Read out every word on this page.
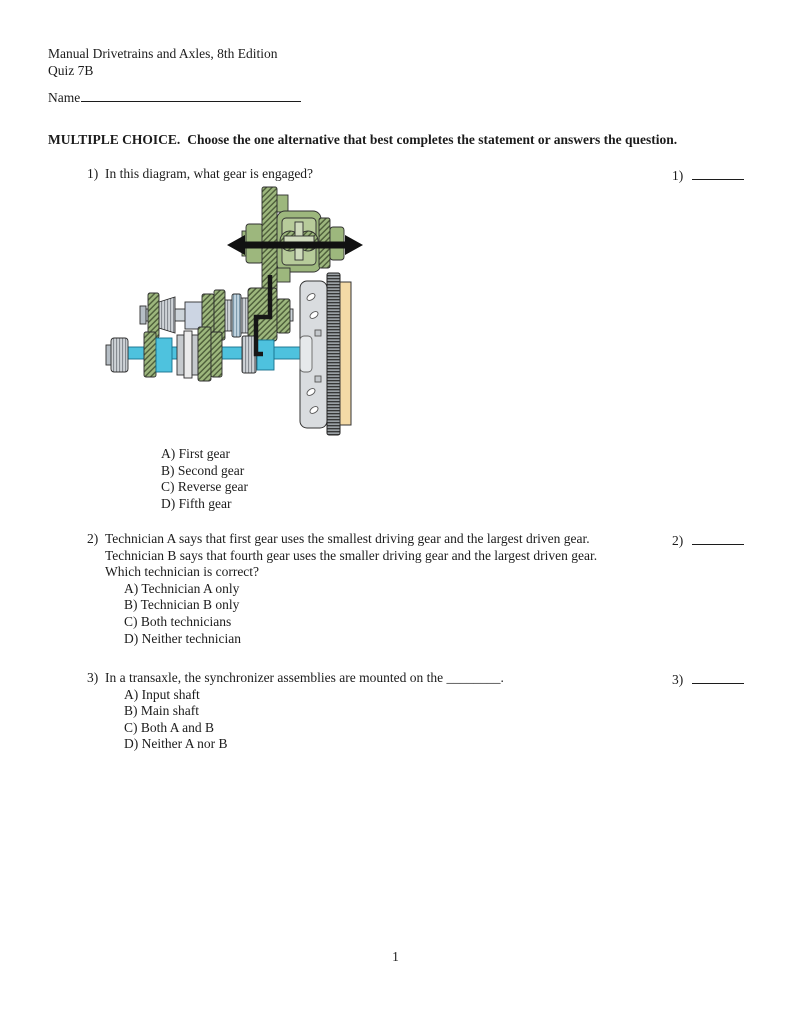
Manual Drivetrains and Axles, 8th Edition
Quiz 7B
Name
MULTIPLE CHOICE. Choose the one alternative that best completes the statement or answers the question.
1) In this diagram, what gear is engaged?	1)
A) First gear
B) Second gear
C) Reverse gear
D) Fifth gear
2) Technician A says that first gear uses the smallest driving gear and the largest driven gear.
Technician B says that fourth gear uses the smaller driving gear and the largest driven gear.
Which technician is correct?
A) Technician A only
B) Technician B only
C) Both technicians
D) Neither technician
2)
3) In a transaxle, the synchronizer assemblies are mounted on the ________.
A) Input shaft
B) Main shaft
C) Both A and B
D) Neither A nor B
3)
1
